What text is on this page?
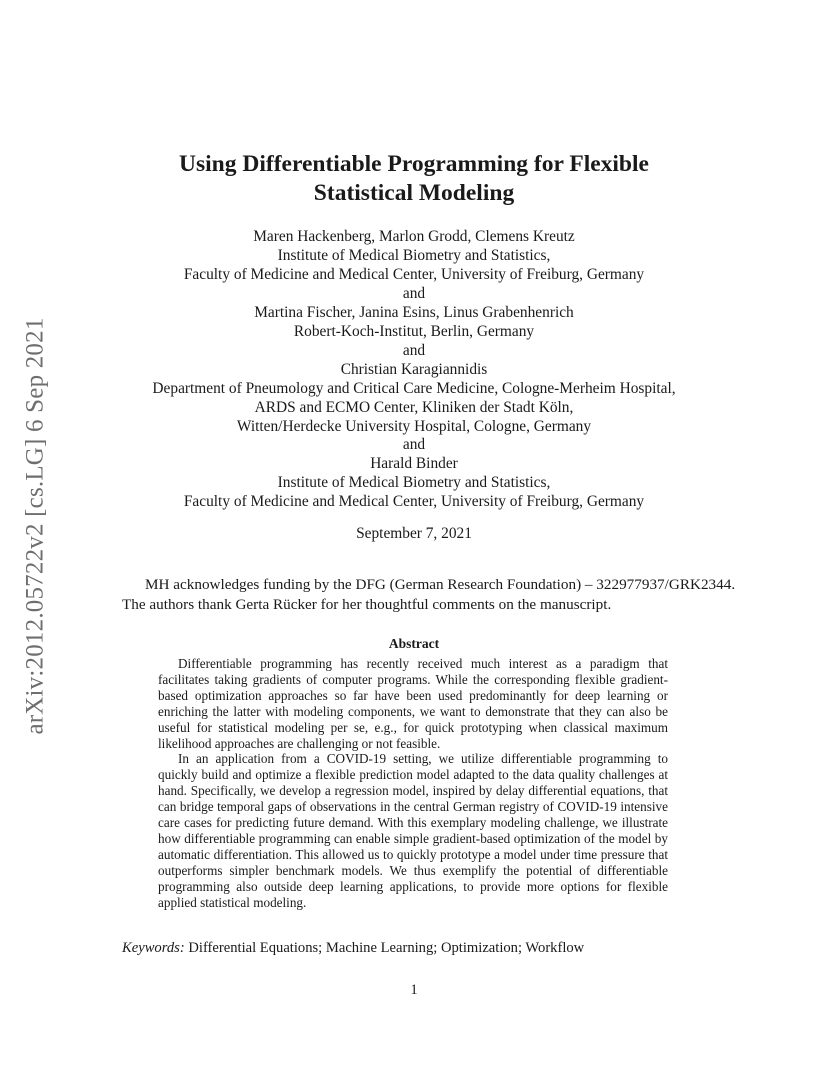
arXiv:2012.05722v2 [cs.LG] 6 Sep 2021
Using Differentiable Programming for Flexible
Statistical Modeling
Maren Hackenberg, Marlon Grodd, Clemens Kreutz
Institute of Medical Biometry and Statistics,
Faculty of Medicine and Medical Center, University of Freiburg, Germany
and
Martina Fischer, Janina Esins, Linus Grabenhenrich
Robert-Koch-Institut, Berlin, Germany
and
Christian Karagiannidis
Department of Pneumology and Critical Care Medicine, Cologne-Merheim Hospital,
ARDS and ECMO Center, Kliniken der Stadt Köln,
Witten/Herdecke University Hospital, Cologne, Germany
and
Harald Binder
Institute of Medical Biometry and Statistics,
Faculty of Medicine and Medical Center, University of Freiburg, Germany
September 7, 2021
MH acknowledges funding by the DFG (German Research Foundation) – 322977937/GRK2344.
The authors thank Gerta Rücker for her thoughtful comments on the manuscript.
Abstract

Differentiable programming has recently received much interest as a paradigm that facilitates taking gradients of computer programs. While the corresponding flexible gradient-based optimization approaches so far have been used predominantly for deep learning or enriching the latter with modeling components, we want to demonstrate that they can also be useful for statistical modeling per se, e.g., for quick prototyping when classical maximum likelihood approaches are challenging or not feasible.

In an application from a COVID-19 setting, we utilize differentiable programming to quickly build and optimize a flexible prediction model adapted to the data quality challenges at hand. Specifically, we develop a regression model, inspired by delay differential equations, that can bridge temporal gaps of observations in the central German registry of COVID-19 intensive care cases for predicting future demand. With this exemplary modeling challenge, we illustrate how differentiable programming can enable simple gradient-based optimization of the model by automatic differentiation. This allowed us to quickly prototype a model under time pressure that outperforms simpler benchmark models. We thus exemplify the potential of differentiable programming also outside deep learning applications, to provide more options for flexible applied statistical modeling.

Keywords: Differential Equations; Machine Learning; Optimization; Workflow
1
